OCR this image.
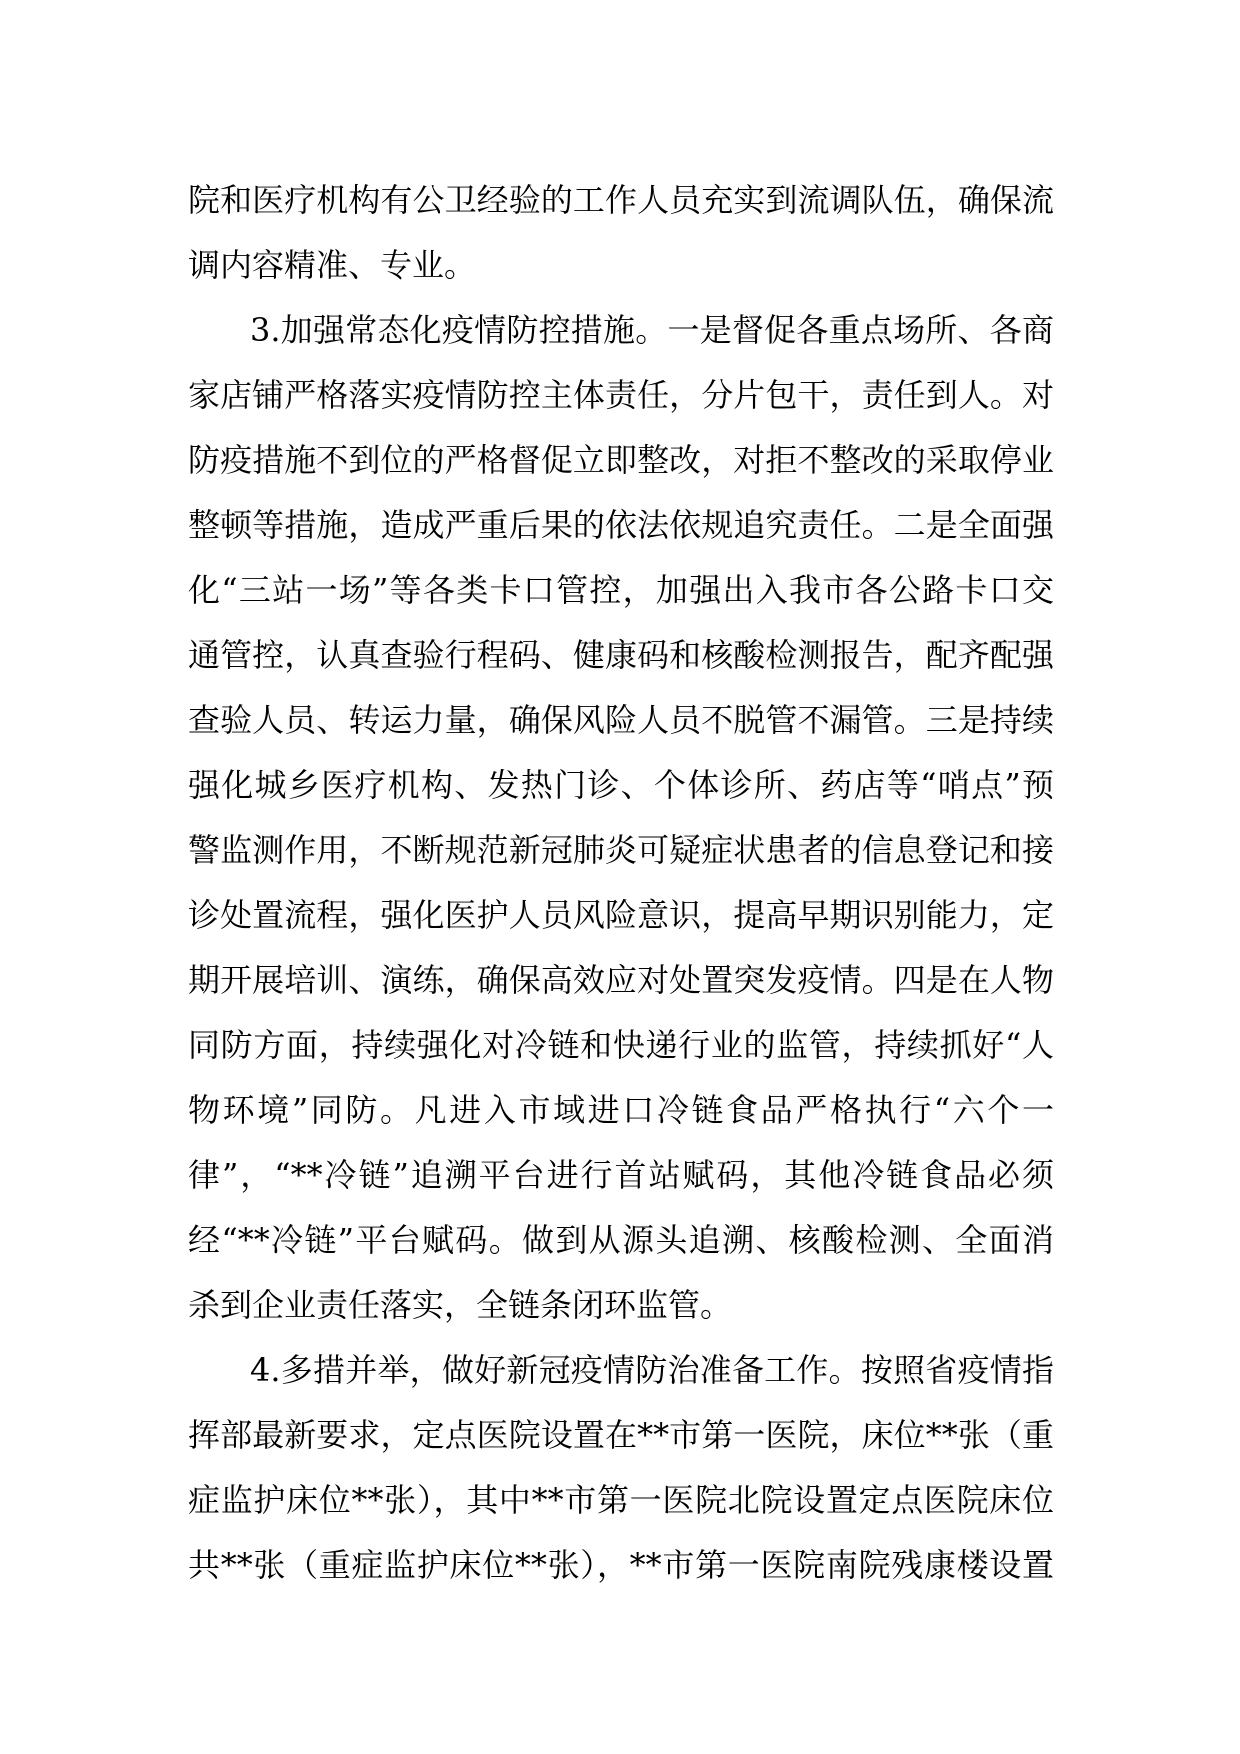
院和医疗机构有公卫经验的工作人员充实到流调队伍，确保流
调内容精准、专业。
3.加强常态化疫情防控措施。一是督促各重点场所、各商
家店铺严格落实疫情防控主体责任，分片包干，责任到人。对
防疫措施不到位的严格督促立即整改，对拒不整改的采取停业
整顿等措施，造成严重后果的依法依规追究责任。二是全面强
化“三站一场”等各类卡口管控，加强出入我市各公路卡口交
通管控，认真查验行程码、健康码和核酸检测报告，配齐配强
查验人员、转运力量，确保风险人员不脱管不漏管。三是持续
强化城乡医疗机构、发热门诊、个体诊所、药店等“哨点”预
警监测作用，不断规范新冠肺炎可疑症状患者的信息登记和接
诊处置流程，强化医护人员风险意识，提高早期识别能力，定
期开展培训、演练，确保高效应对处置突发疫情。四是在人物
同防方面，持续强化对冷链和快递行业的监管，持续抓好“人
物环境”同防。凡进入市域进口冷链食品严格执行“六个一
律”，“**冷链”追溯平台进行首站赋码，其他冷链食品必须
经“**冷链”平台赋码。做到从源头追溯、核酸检测、全面消
杀到企业责任落实，全链条闭环监管。
4.多措并举，做好新冠疫情防治准备工作。按照省疫情指
挥部最新要求，定点医院设置在**市第一医院，床位**张（重
症监护床位**张），其中**市第一医院北院设置定点医院床位
共**张（重症监护床位**张），**市第一医院南院残康楼设置
